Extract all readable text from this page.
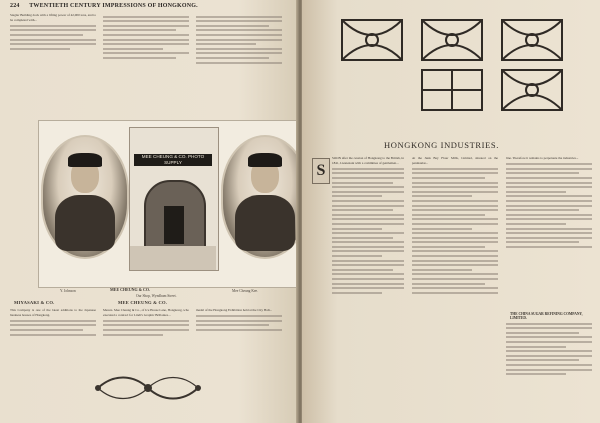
224 TWENTIETH CENTURY IMPRESSIONS OF HONGKONG.
Siegler Building dock with a lifting power of 42,000 tons, and to be completed with...
MEE CHEUNG & CO. PHOTO SUPPLY
Y. Johnson
Our Shop, Wyndham Street.
Mee Cheung Kee.
MEE CHEUNG & CO.
MIYASAKI & CO.	MEE CHEUNG & CO.
This Company is one of the latest additions to the Japanese business houses of Hongkong.
Messrs. Mee Cheung & Co., of Ice House Lane, Hongkong, who executed a contract for Lindt's Graphic Brillantes...
medal of the Hongkong Exhibition held at the City Hall...
HONGKONG INDUSTRIES.
S
SOON after the cession of Hongkong to the British, in 1841, Lieutenant with a committee of gentlemen...
At the Junk Bay Flour Mills, Limited, situated on the peninsular...
line. Therefore it remains to perpetuate the industries...
THE CHINA SUGAR REFINING COMPANY, LIMITED.
